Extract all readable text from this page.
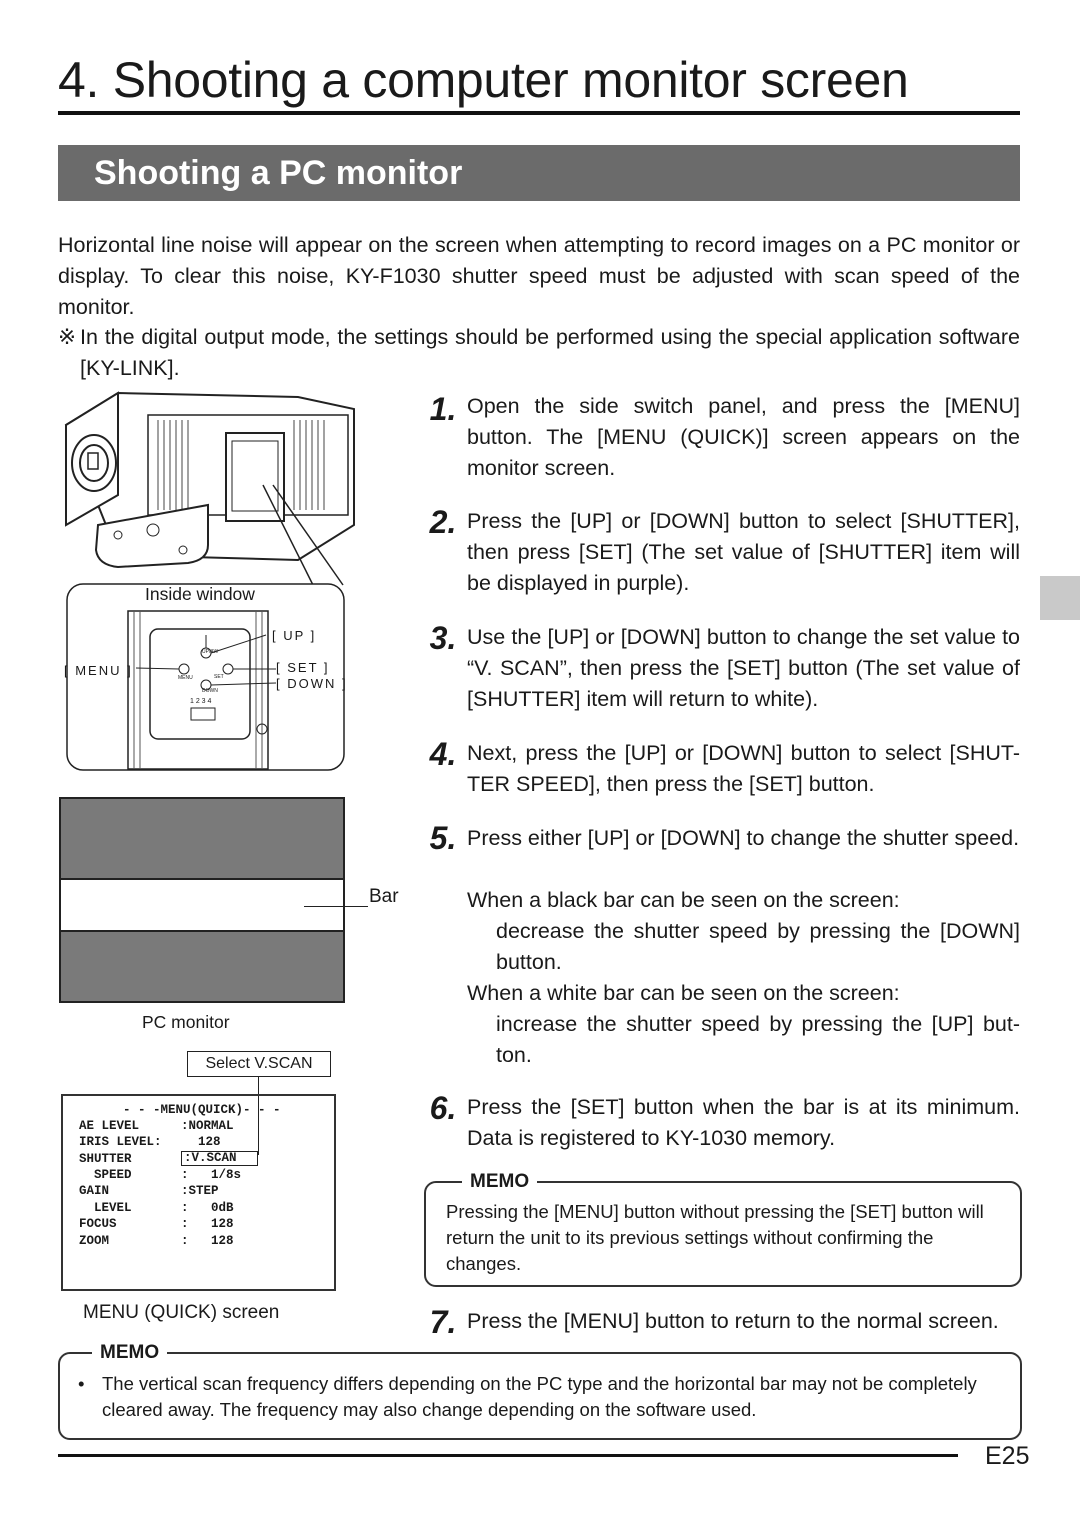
4. Shooting a computer monitor screen
Shooting a PC monitor
Horizontal line noise will appear on the screen when attempting to record images on a PC monitor or display. To clear this noise, KY-F1030 shutter speed must be adjusted with scan speed of the monitor.
※ In the digital output mode, the settings should be performed using the special application software [KY-LINK].
Inside window
[ UP ]
[ MENU ]	[ SET ]
[ DOWN ]
UP/AW
MENU	SET
DOWN
1 2 3 4
Bar
PC monitor
Select V.SCAN
- - -MENU(QUICK)- - -
AE LEVEL	:NORMAL
IRIS LEVEL:	128
SHUTTER	:V.SCAN
SPEED	:   1/8s
GAIN	:STEP
LEVEL	:   0dB
FOCUS	:   128
ZOOM	:   128
MENU (QUICK) screen
1. Open the side switch panel, and press the [MENU] button. The [MENU (QUICK)] screen appears on the monitor screen.
2. Press the [UP] or [DOWN] button to select [SHUTTER], then press [SET] (The set value of [SHUTTER] item will be displayed in purple).
3. Use the [UP] or [DOWN] button to change the set value to “V. SCAN”, then press the [SET] button (The set value of [SHUTTER] item will return to white).
4. Next, press the [UP] or [DOWN] button to select [SHUT-TER SPEED], then press the [SET] button.
5. Press either [UP] or [DOWN] to change the shutter speed.
When a black bar can be seen on the screen:
decrease the shutter speed by pressing the [DOWN] button.
When a white bar can be seen on the screen:
increase the shutter speed by pressing the [UP] but-ton.
6. Press the [SET] button when the bar is at its minimum. Data is registered to KY-1030 memory.
Pressing the [MENU] button without pressing the [SET] button will return the unit to its previous settings without confirming the changes.
MEMO
7. Press the [MENU] button to return to the normal screen.
• The vertical scan frequency differs depending on the PC type and the horizontal bar may not be completely cleared away. The frequency may also change depending on the software used.
MEMO
E25
